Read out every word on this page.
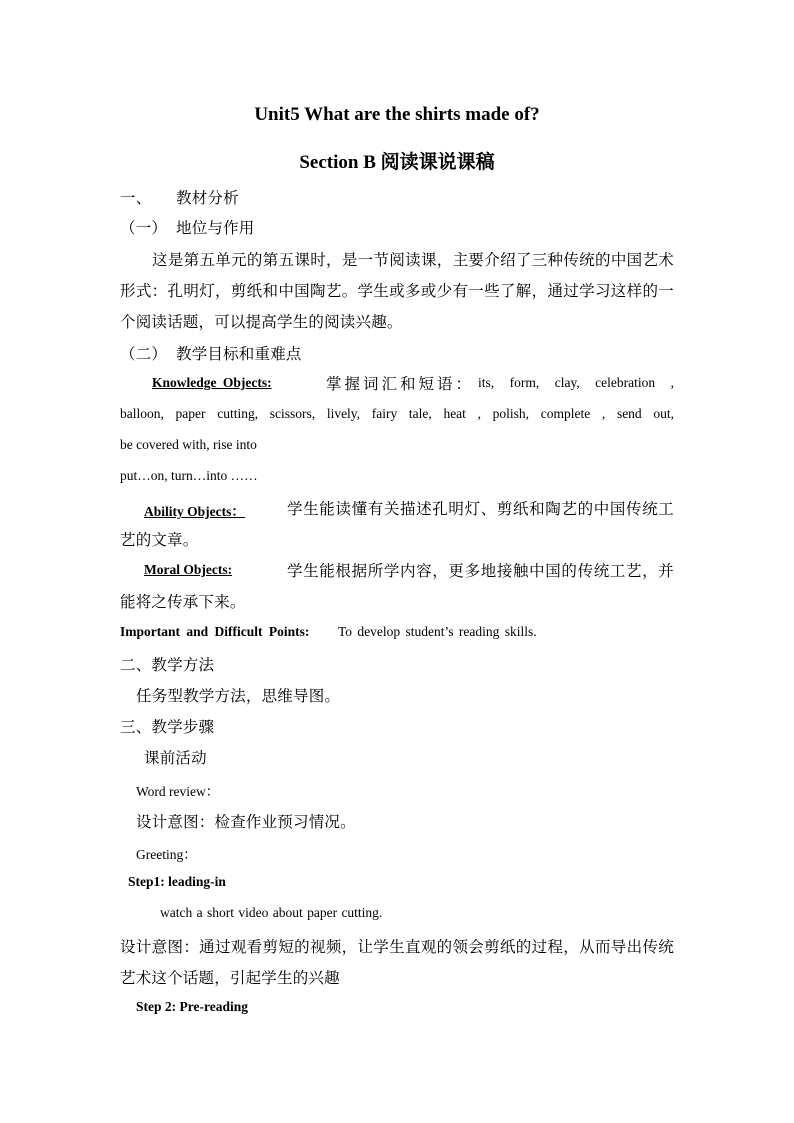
Unit5 What are the shirts made of?
Section B 阅读课说课稿
一、 教材分析
（一） 地位与作用
这是第五单元的第五课时，是一节阅读课，主要介绍了三种传统的中国艺术
形式：孔明灯，剪纸和中国陶艺。学生或多或少有一些了解，通过学习这样的一
个阅读话题，可以提高学生的阅读兴趣。
（二） 教学目标和重难点
Knowledge Objects:	掌握词汇和短语： its, form, clay, celebration ,
balloon, paper cutting, scissors, lively, fairy tale, heat , polish, complete , send out,
be covered with, rise into
put…on, turn…into ……
Ability Objects：	学生能读懂有关描述孔明灯、剪纸和陶艺的中国传统工
艺的文章。
Moral Objects:	学生能根据所学内容，更多地接触中国的传统工艺，并
能将之传承下来。
Important and Difficult Points: To develop student’s reading skills.
二、教学方法
任务型教学方法，思维导图。
三、教学步骤
课前活动
Word review：
设计意图：检查作业预习情况。
Greeting：
Step1: leading-in
watch a short video about paper cutting.
设计意图：通过观看剪短的视频，让学生直观的领会剪纸的过程，从而导出传统
艺术这个话题，引起学生的兴趣
Step 2: Pre-reading
